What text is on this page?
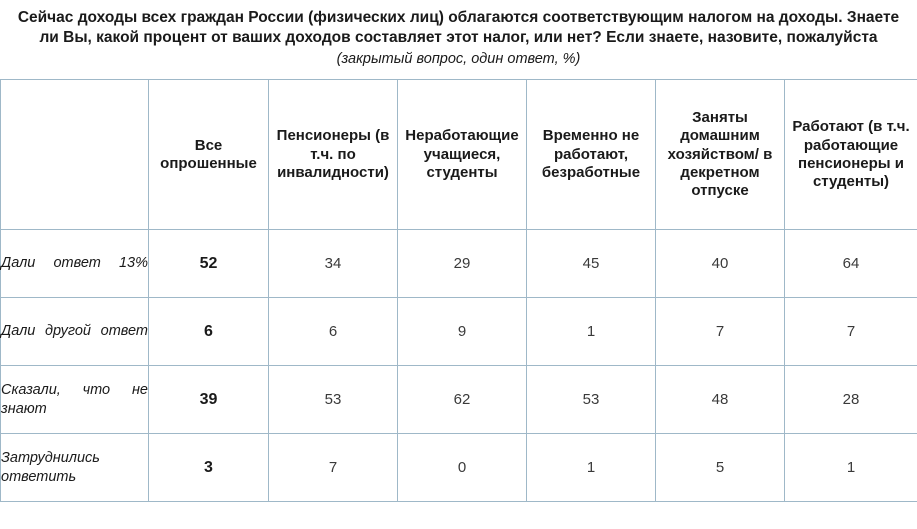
Сейчас доходы всех граждан России (физических лиц) облагаются соответствующим налогом на доходы. Знаете ли Вы, какой процент от ваших доходов составляет этот налог, или нет? Если знаете, назовите, пожалуйста (закрытый вопрос, один ответ, %)
	Все опрошенные	Пенсионеры (в т.ч. по инвалидности)	Неработающие учащиеся, студенты	Временно не работают, безработные	Заняты домашним хозяйством/ в декретном отпуске	Работают (в т.ч. работающие пенсионеры и студенты)

Дали ответ 13%	52	34	29	45	40	64

Дали другой ответ	6	6	9	1	7	7

Сказали, что не знают	39	53	62	53	48	28

Затруднились ответить	3	7	0	1	5	1
